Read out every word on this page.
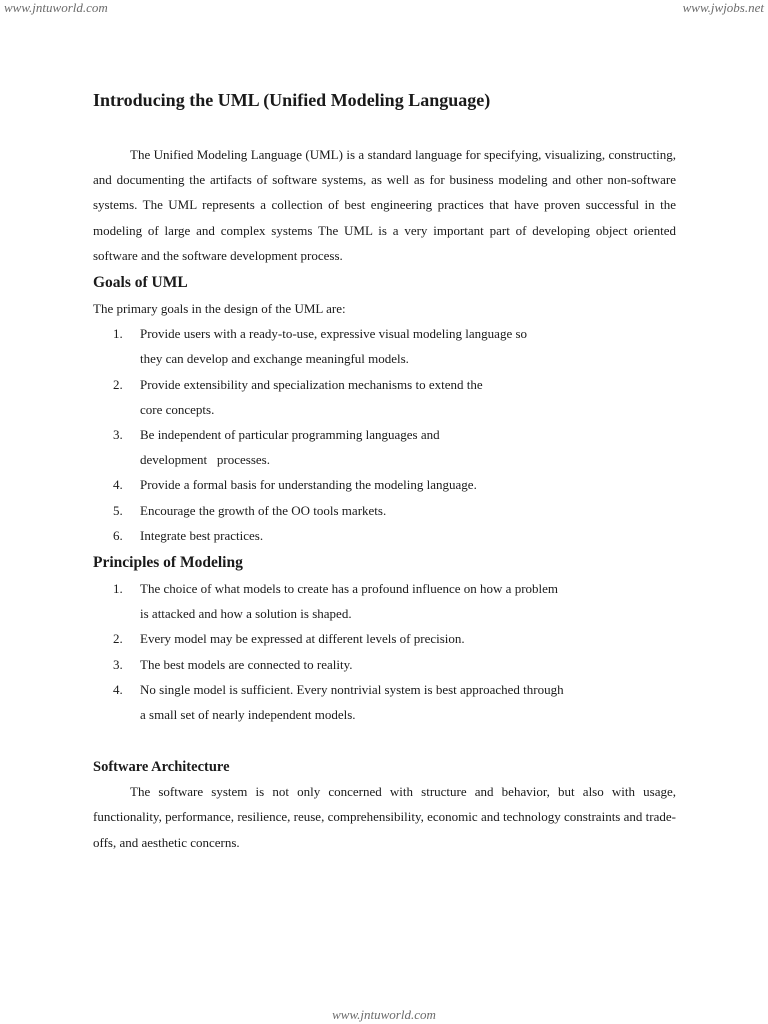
www.jntuworld.com	www.jwjobs.net
Introducing the UML (Unified Modeling Language)

The Unified Modeling Language (UML) is a standard language for specifying, visualizing, constructing, and documenting the artifacts of software systems, as well as for business modeling and other non-software systems. The UML represents a collection of best engineering practices that have proven successful in the modeling of large and complex systems The UML is a very important part of developing object oriented software and the software development process.

Goals of UML

The primary goals in the design of the UML are:

1. Provide users with a ready-to-use, expressive visual modeling language so
they can develop and exchange meaningful models.
2. Provide extensibility and specialization mechanisms to extend the
core concepts.
3. Be independent of particular programming languages and
development   processes.
4. Provide a formal basis for understanding the modeling language.
5. Encourage the growth of the OO tools markets.
6. Integrate best practices.
Principles of Modeling
1. The choice of what models to create has a profound influence on how a problem
is attacked and how a solution is shaped.
2. Every model may be expressed at different levels of precision.
3. The best models are connected to reality.
4. No single model is sufficient. Every nontrivial system is best approached through
a small set of nearly independent models.
Software Architecture

The software system is not only concerned with structure and behavior, but also with usage, functionality, performance, resilience, reuse, comprehensibility, economic and technology constraints and trade-offs, and aesthetic concerns.

www.jntuworld.com
